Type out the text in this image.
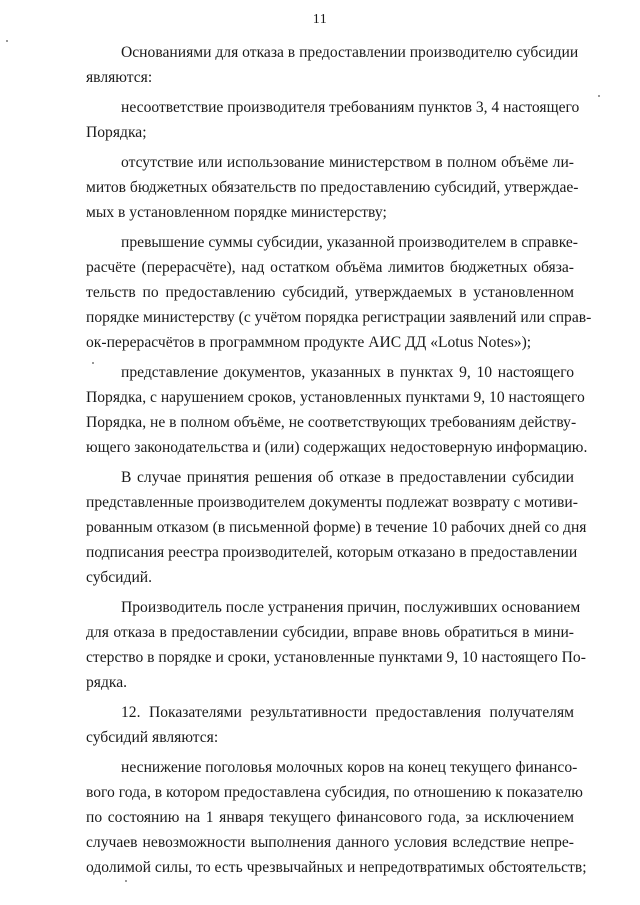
11
Основаниями для отказа в предоставлении производителю субсидии
являются:
несоответствие производителя требованиям пунктов 3, 4 настоящего
Порядка;
отсутствие или использование министерством в полном объёме ли-
митов бюджетных обязательств по предоставлению субсидий, утверждае-
мых в установленном порядке министерству;
превышение суммы субсидии, указанной производителем в справке-
расчёте (перерасчёте), над остатком объёма лимитов бюджетных обяза-
тельств по предоставлению субсидий, утверждаемых в установленном
порядке министерству (с учётом порядка регистрации заявлений или справ-
ок-перерасчётов в программном продукте АИС ДД «Lotus Notes»);
представление документов, указанных в пунктах 9, 10 настоящего
Порядка, с нарушением сроков, установленных пунктами 9, 10 настоящего
Порядка, не в полном объёме, не соответствующих требованиям действу-
ющего законодательства и (или) содержащих недостоверную информацию.
В случае принятия решения об отказе в предоставлении субсидии
представленные производителем документы подлежат возврату с мотиви-
рованным отказом (в письменной форме) в течение 10 рабочих дней со дня
подписания реестра производителей, которым отказано в предоставлении
субсидий.
Производитель после устранения причин, послуживших основанием
для отказа в предоставлении субсидии, вправе вновь обратиться в мини-
стерство в порядке и сроки, установленные пунктами 9, 10 настоящего По-
рядка.
12. Показателями результативности предоставления получателям
субсидий являются:
неснижение поголовья молочных коров на конец текущего финансо-
вого года, в котором предоставлена субсидия, по отношению к показателю
по состоянию на 1 января текущего финансового года, за исключением
случаев невозможности выполнения данного условия вследствие непре-
одолимой силы, то есть чрезвычайных и непредотвратимых обстоятельств;
